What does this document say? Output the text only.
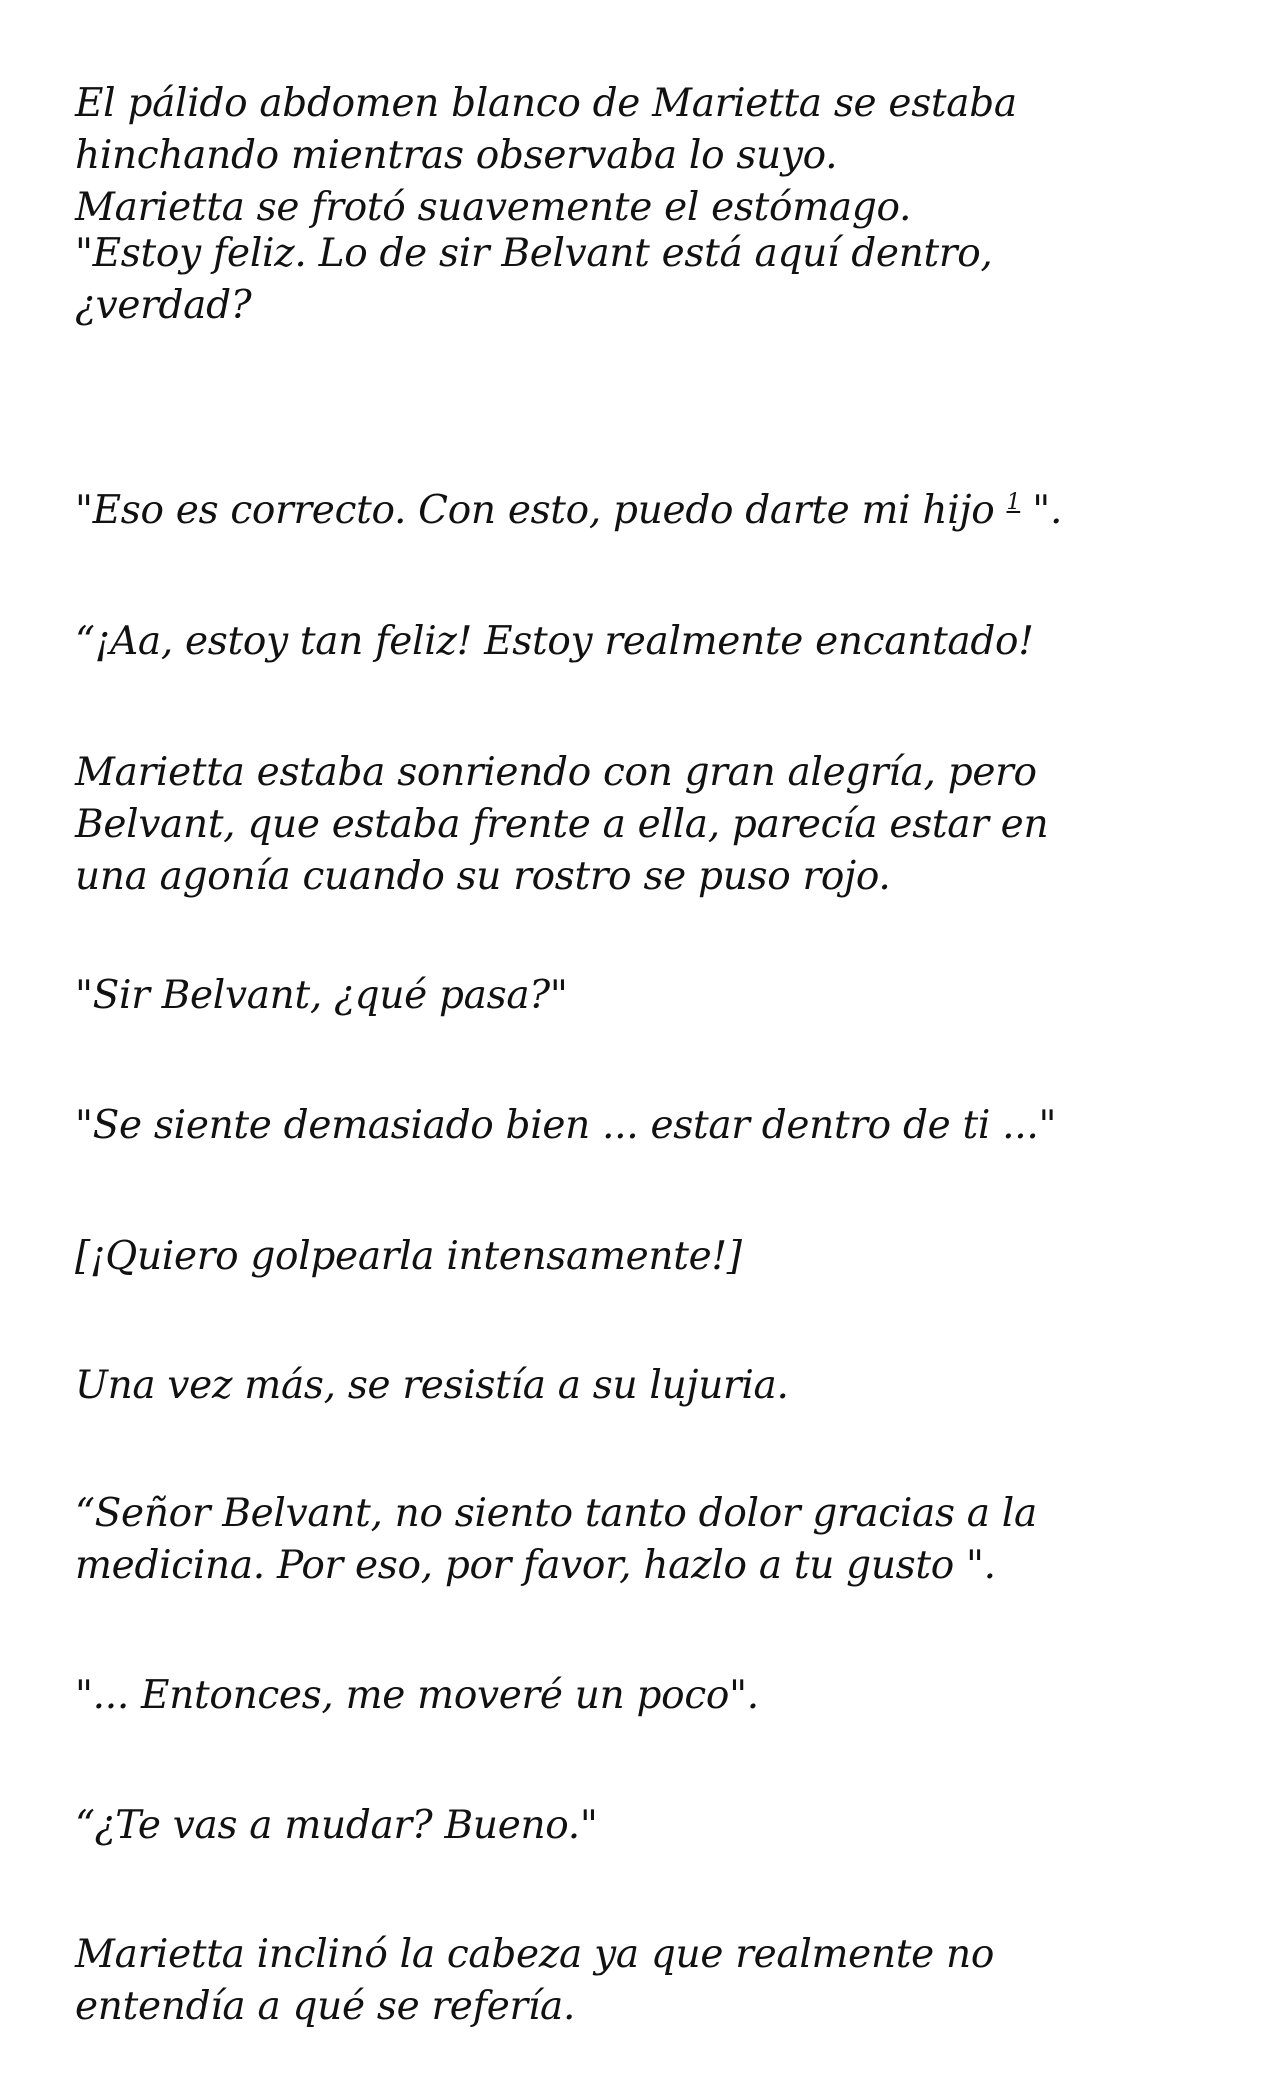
El pálido abdomen blanco de Marietta se estaba
hinchando mientras observaba lo suyo.
Marietta se frotó suavemente el estómago.

"Estoy feliz. Lo de sir Belvant está aquí dentro,
¿verdad?

"Eso es correcto. Con esto, puedo darte mi hijo $^1$ ".

“¡Aa, estoy tan feliz! Estoy realmente encantado!

Marietta estaba sonriendo con gran alegría, pero
Belvant, que estaba frente a ella, parecía estar en
una agonía cuando su rostro se puso rojo.

"Sir Belvant, ¿qué pasa?"

"Se siente demasiado bien ... estar dentro de ti ..."

[¡Quiero golpearla intensamente!]

Una vez más, se resistía a su lujuria.

“Señor Belvant, no siento tanto dolor gracias a la
medicina. Por eso, por favor, hazlo a tu gusto ".

"... Entonces, me moveré un poco".

“¿Te vas a mudar? Bueno."

Marietta inclinó la cabeza ya que realmente no
entendía a qué se refería.
